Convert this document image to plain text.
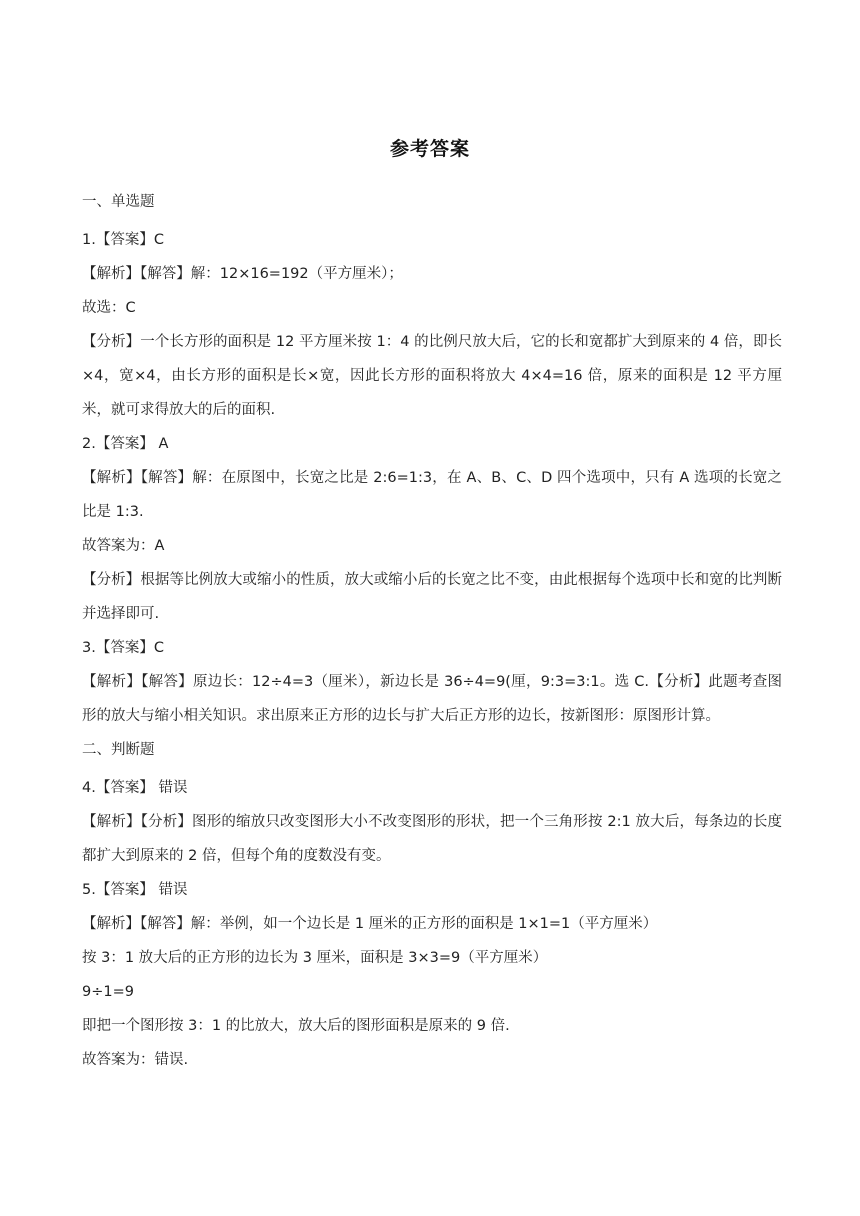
参考答案

一、单选题

1.【答案】C

【解析】【解答】解：12×16=192（平方厘米）；

故选：C

【分析】一个长方形的面积是 12 平方厘米按 1：4 的比例尺放大后，它的长和宽都扩大到原来的 4 倍，即长×4，宽×4，由长方形的面积是长×宽，因此长方形的面积将放大 4×4=16 倍，原来的面积是 12 平方厘米，就可求得放大的后的面积.

2.【答案】 A

【解析】【解答】解：在原图中，长宽之比是 2:6=1:3，在 A、B、C、D 四个选项中，只有 A 选项的长宽之比是 1:3.

故答案为：A

【分析】根据等比例放大或缩小的性质，放大或缩小后的长宽之比不变，由此根据每个选项中长和宽的比判断并选择即可.

3.【答案】C

【解析】【解答】原边长：12÷4=3（厘米），新边长是 36÷4=9(厘，9:3=3:1。选 C.【分析】此题考查图形的放大与缩小相关知识。求出原来正方形的边长与扩大后正方形的边长，按新图形：原图形计算。

二、判断题

4.【答案】 错误

【解析】【分析】图形的缩放只改变图形大小不改变图形的形状，把一个三角形按 2:1 放大后，每条边的长度都扩大到原来的 2 倍，但每个角的度数没有变。

5.【答案】 错误

【解析】【解答】解：举例，如一个边长是 1 厘米的正方形的面积是 1×1=1（平方厘米）

按 3：1 放大后的正方形的边长为 3 厘米，面积是 3×3=9（平方厘米）

9÷1=9

即把一个图形按 3：1 的比放大，放大后的图形面积是原来的 9 倍.

故答案为：错误.
